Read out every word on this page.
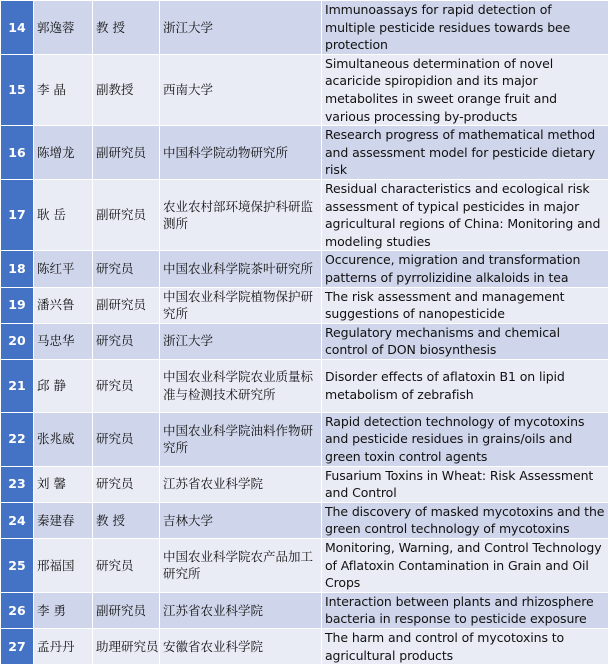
14	郭逸蓉	教 授	浙江大学	Immunoassays for rapid detection of multiple pesticide residues towards bee protection
15	李 晶	副教授	西南大学	Simultaneous determination of novel acaricide spiropidion and its major metabolites in sweet orange fruit and various processing by-products
16	陈增龙	副研究员	中国科学院动物研究所	Research progress of mathematical method and assessment model for pesticide dietary risk
17	耿 岳	副研究员	农业农村部环境保护科研监测所	Residual characteristics and ecological risk assessment of typical pesticides in major agricultural regions of China: Monitoring and modeling studies
18	陈红平	研究员	中国农业科学院茶叶研究所	Occurence, migration and transformation patterns of pyrrolizidine alkaloids in tea
19	潘兴鲁	副研究员	中国农业科学院植物保护研究所	The risk assessment and management suggestions of nanopesticide
20	马忠华	研究员	浙江大学	Regulatory mechanisms and chemical control of DON biosynthesis
21	邱 静	研究员	中国农业科学院农业质量标准与检测技术研究所	Disorder effects of aflatoxin B1 on lipid metabolism of zebrafish
22	张兆威	研究员	中国农业科学院油料作物研究所	Rapid detection technology of mycotoxins and pesticide residues in grains/oils and green toxin control agents
23	刘 馨	研究员	江苏省农业科学院	Fusarium Toxins in Wheat: Risk Assessment and Control
24	秦建春	教 授	吉林大学	The discovery of masked mycotoxins and the green control technology of mycotoxins
25	邢福国	研究员	中国农业科学院农产品加工研究所	Monitoring, Warning, and Control Technology of Aflatoxin Contamination in Grain and Oil Crops
26	李 勇	副研究员	江苏省农业科学院	Interaction between plants and rhizosphere bacteria in response to pesticide exposure
27	孟丹丹	助理研究员	安徽省农业科学院	The harm and control of mycotoxins to agricultural products
